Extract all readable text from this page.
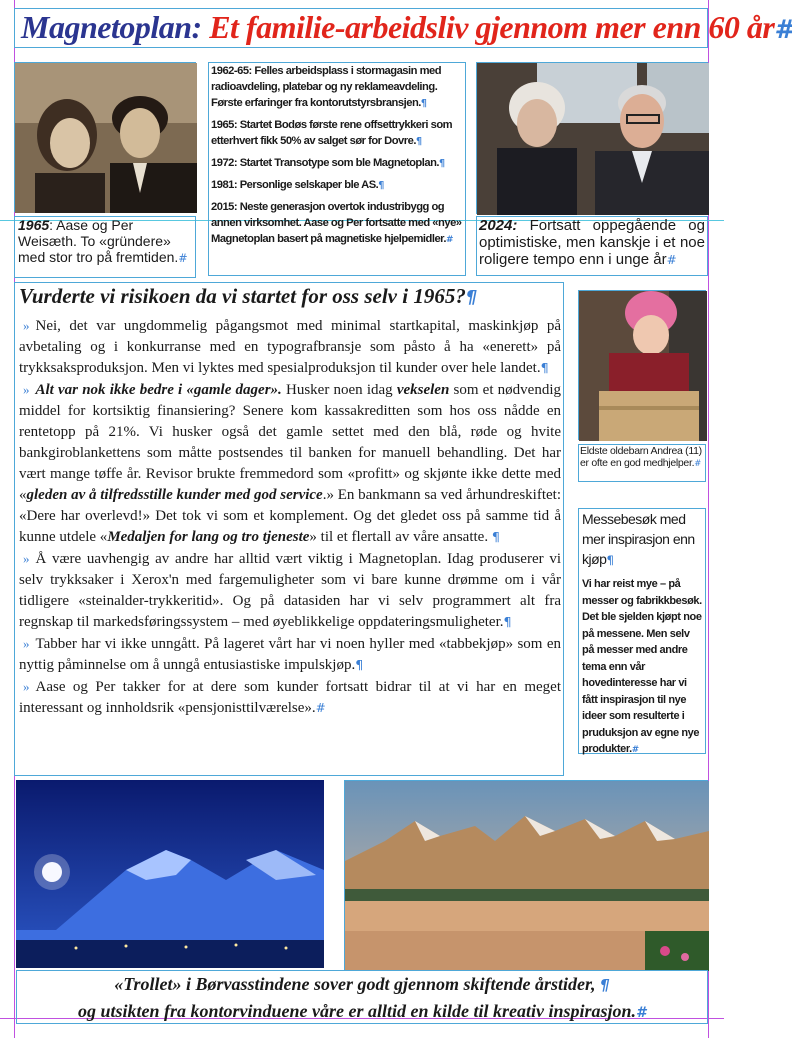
Magnetoplan: Et familie-arbeidsliv gjennom mer enn 60 år#
1965: Aase og Per Weisæth. To «gründere» med stor tro på fremtiden.#

1962-65: Felles arbeidsplass i stormagasin med radioavdeling, platebar og ny reklameavdeling. Første erfaringer fra kontorutstyrsbransjen.¶

1965: Startet Bodøs første rene offsettrykkeri som etterhvert fikk 50% av salget sør for Dovre.¶

1972: Startet Transotype som ble Magnetoplan.¶

1981: Personlige selskaper ble AS.¶

2015: Neste generasjon overtok industribygg og annen virksomhet. Aase og Per fortsatte med «nye» Magnetoplan basert på magnetiske hjelpemidler.#

2024: Fortsatt oppegående og optimistiske, men kanskje i et noe roligere tempo enn i unge år#
Vurderte vi risikoen da vi startet for oss selv i 1965?¶

» Nei, det var ungdommelig pågangsmot med minimal startkapital, maskinkjøp på avbetaling og i konkurranse med en typografbransje som påsto å ha «enerett» på trykksaksproduksjon. Men vi lyktes med spesialproduksjon til kunder over hele landet.¶

» Alt var nok ikke bedre i «gamle dager». Husker noen idag vekselen som et nødvendig middel for kortsiktig finansiering? Senere kom kassakreditten som hos oss nådde en rentetopp på 21%. Vi husker også det gamle settet med den blå, røde og hvite bankgiroblankettens som måtte postsendes til banken for manuell behandling. Det har vært mange tøffe år. Revisor brukte fremmedord som «profitt» og skjønte ikke dette med «gleden av å tilfredsstille kunder med god service.» En bankmann sa ved århundreskiftet: «Dere har overlevd!» Det tok vi som et komplement. Og det gledet oss på samme tid å kunne utdele «Medaljen for lang og tro tjeneste» til et flertall av våre ansatte. ¶

» Å være uavhengig av andre har alltid vært viktig i Magnetoplan. Idag produserer vi selv trykksaker i Xerox'n med fargemuligheter som vi bare kunne drømme om i vår tidligere «steinalder-trykkeritid». Og på datasiden har vi selv programmert alt fra regnskap til markedsføringssystem – med øyeblikkelige oppdateringsmuligheter.¶

» Tabber har vi ikke unngått. På lageret vårt har vi noen hyller med «tabbekjøp» som en nyttig påminnelse om å unngå entusiastiske impulskjøp.¶

» Aase og Per takker for at dere som kunder fortsatt bidrar til at vi har en meget interessant og innholdsrik «pensjonisttilværelse».#

Eldste oldebarn Andrea (11) er ofte en god medhjelper.#
Messebesøk med mer inspirasjon enn kjøp¶
Vi har reist mye – på messer og fabrikkbesøk. Det ble sjelden kjøpt noe på messene. Men selv på messer med andre tema enn vår hovedinteresse har vi fått inspirasjon til nye ideer som resulterte i pruduksjon av egne nye produkter.#
«Trollet» i Børvasstindene sover godt gjennom skiftende årstider, ¶
og utsikten fra kontorvinduene våre er alltid en kilde til kreativ inspirasjon.#
